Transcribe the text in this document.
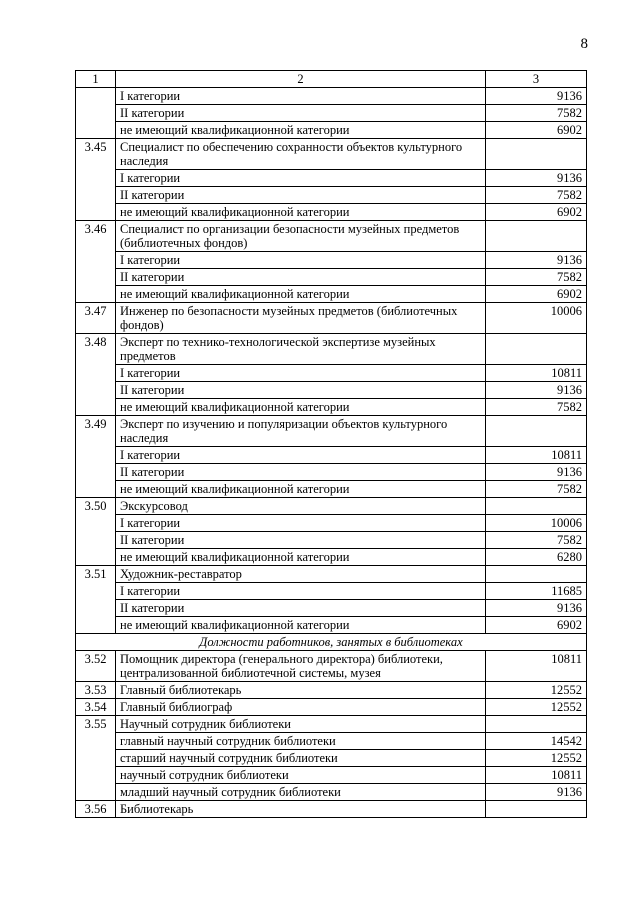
8
1	2	3
	I категории	9136
	II категории	7582
	не имеющий квалификационной категории	6902
3.45	Специалист по обеспечению сохранности объектов культурного наследия	
	I категории	9136
	II категории	7582
	не имеющий квалификационной категории	6902
3.46	Специалист по организации безопасности музейных предметов (библиотечных фондов)	
	I категории	9136
	II категории	7582
	не имеющий квалификационной категории	6902
3.47	Инженер по безопасности музейных предметов (библиотечных фондов)	10006
3.48	Эксперт по технико-технологической экспертизе музейных предметов	
	I категории	10811
	II категории	9136
	не имеющий квалификационной категории	7582
3.49	Эксперт по изучению и популяризации объектов культурного наследия	
	I категории	10811
	II категории	9136
	не имеющий квалификационной категории	7582
3.50	Экскурсовод	
	I категории	10006
	II категории	7582
	не имеющий квалификационной категории	6280
3.51	Художник-реставратор	
	I категории	11685
	II категории	9136
	не имеющий квалификационной категории	6902
Должности работников, занятых в библиотеках		
3.52	Помощник директора (генерального директора) библиотеки, централизованной библиотечной системы, музея	10811
3.53	Главный библиотекарь	12552
3.54	Главный библиограф	12552
3.55	Научный сотрудник библиотеки	
	главный научный сотрудник библиотеки	14542
	старший научный сотрудник библиотеки	12552
	научный сотрудник библиотеки	10811
	младший научный сотрудник библиотеки	9136
3.56	Библиотекарь	
